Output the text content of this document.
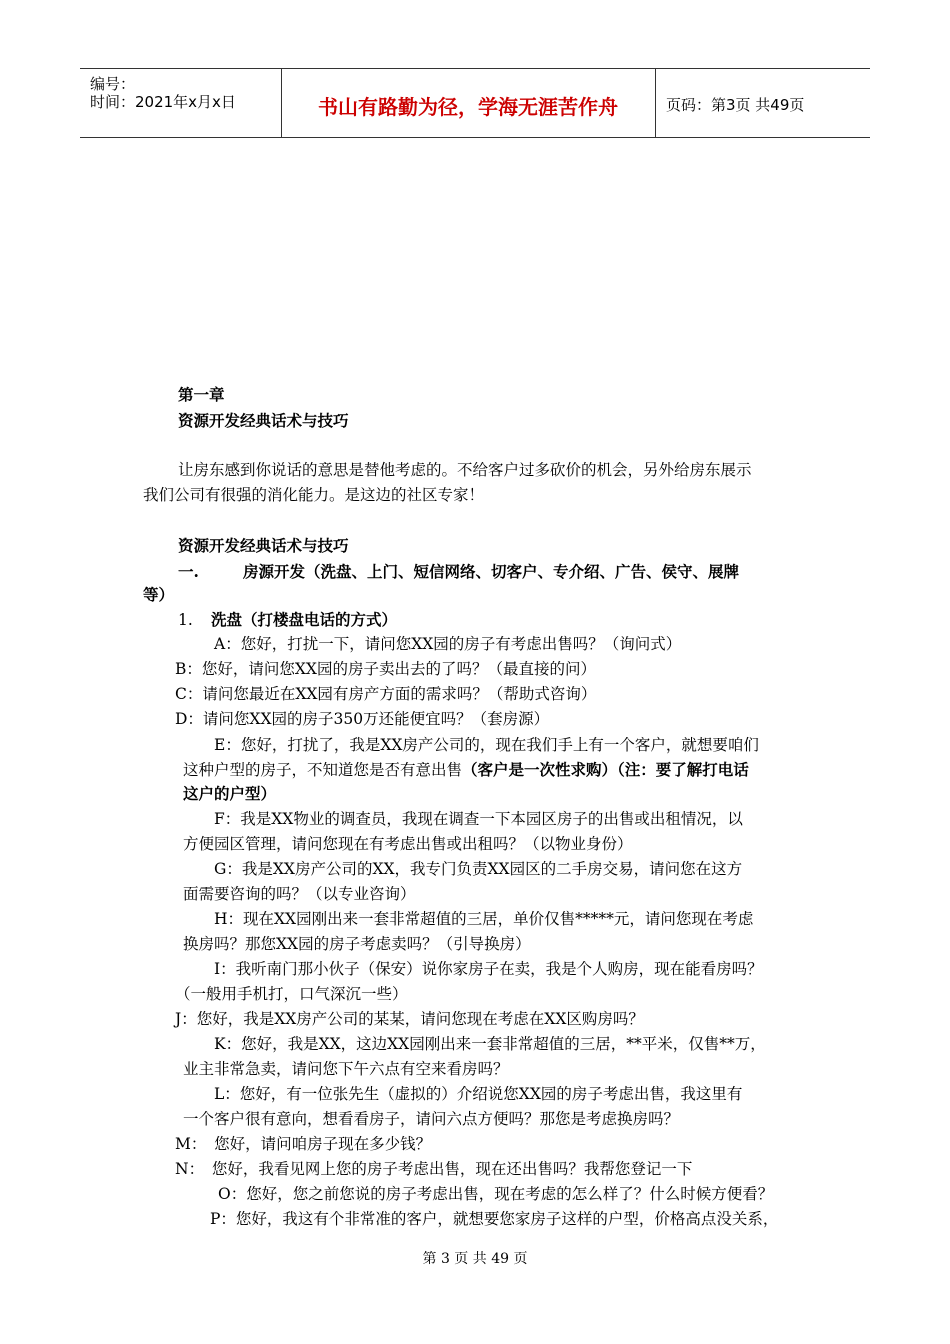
编号：
时间：2021年x月x日	书山有路勤为径，学海无涯苦作舟	页码：第3页 共49页
第一章
资源开发经典话术与技巧
让房东感到你说话的意思是替他考虑的。不给客户过多砍价的机会，另外给房东展示
我们公司有很强的消化能力。是这边的社区专家！
资源开发经典话术与技巧
一.	房源开发（洗盘、上门、短信网络、切客户、专介绍、广告、侯守、展牌
等）
1. 洗盘（打楼盘电话的方式）
A：您好，打扰一下，请问您XX园的房子有考虑出售吗？（询问式）
B：您好，请问您XX园的房子卖出去的了吗？（最直接的问）
C：请问您最近在XX园有房产方面的需求吗？（帮助式咨询）
D：请问您XX园的房子350万还能便宜吗？（套房源）
E：您好，打扰了，我是XX房产公司的，现在我们手上有一个客户，就想要咱们
这种户型的房子，不知道您是否有意出售（客户是一次性求购）（注：要了解打电话
这户的户型）
F：我是XX物业的调查员，我现在调查一下本园区房子的出售或出租情况，以
方便园区管理，请问您现在有考虑出售或出租吗？（以物业身份）
G：我是XX房产公司的XX，我专门负责XX园区的二手房交易，请问您在这方
面需要咨询的吗？（以专业咨询）
H：现在XX园刚出来一套非常超值的三居，单价仅售*****元，请问您现在考虑
换房吗？那您XX园的房子考虑卖吗？（引导换房）
I：我听南门那小伙子（保安）说你家房子在卖，我是个人购房，现在能看房吗？
（一般用手机打，口气深沉一些）
J：您好，我是XX房产公司的某某，请问您现在考虑在XX区购房吗？
K：您好，我是XX，这边XX园刚出来一套非常超值的三居，**平米，仅售**万，
业主非常急卖，请问您下午六点有空来看房吗？
L：您好，有一位张先生（虚拟的）介绍说您XX园的房子考虑出售，我这里有
一个客户很有意向，想看看房子，请问六点方便吗？那您是考虑换房吗？
M：　您好，请问咱房子现在多少钱？
N：　您好，我看见网上您的房子考虑出售，现在还出售吗？我帮您登记一下
O：您好，您之前您说的房子考虑出售，现在考虑的怎么样了？什么时候方便看？
P：您好，我这有个非常准的客户，就想要您家房子这样的户型，价格高点没关系，
第 3 页 共 49 页
